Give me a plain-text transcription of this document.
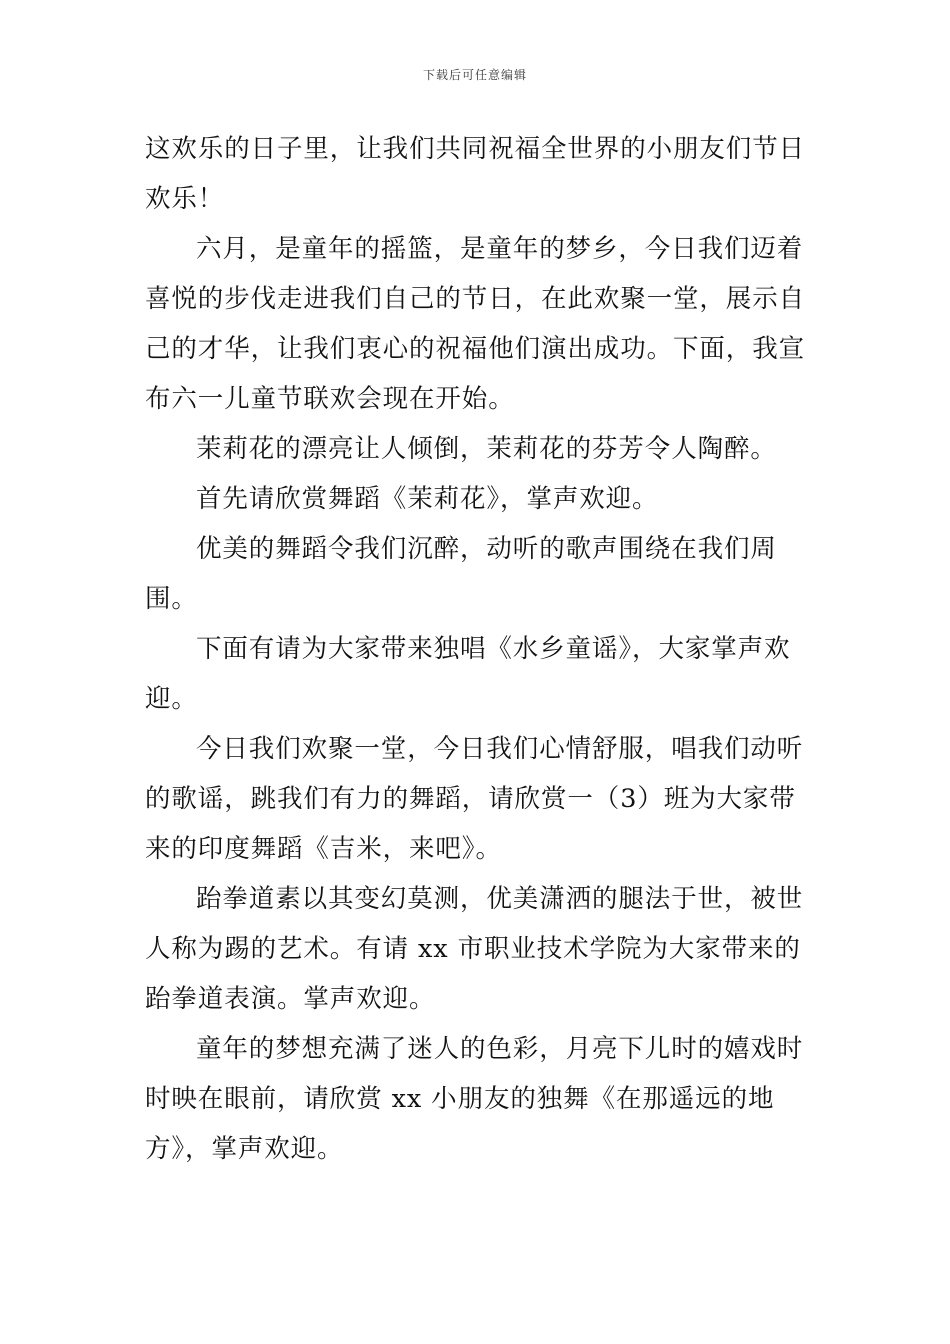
下载后可任意编辑

这欢乐的日子里，让我们共同祝福全世界的小朋友们节日欢乐！

六月，是童年的摇篮，是童年的梦乡，今日我们迈着喜悦的步伐走进我们自己的节日，在此欢聚一堂，展示自己的才华，让我们衷心的祝福他们演出成功。下面，我宣布六一儿童节联欢会现在开始。

茉莉花的漂亮让人倾倒，茉莉花的芬芳令人陶醉。

首先请欣赏舞蹈《茉莉花》，掌声欢迎。

优美的舞蹈令我们沉醉，动听的歌声围绕在我们周围。

下面有请为大家带来独唱《水乡童谣》，大家掌声欢迎。

今日我们欢聚一堂，今日我们心情舒服，唱我们动听的歌谣，跳我们有力的舞蹈，请欣赏一（3）班为大家带来的印度舞蹈《吉米，来吧》。

跆拳道素以其变幻莫测，优美潇洒的腿法于世，被世人称为踢的艺术。有请 xx 市职业技术学院为大家带来的跆拳道表演。掌声欢迎。

童年的梦想充满了迷人的色彩，月亮下儿时的嬉戏时时映在眼前，请欣赏 xx 小朋友的独舞《在那遥远的地方》，掌声欢迎。
